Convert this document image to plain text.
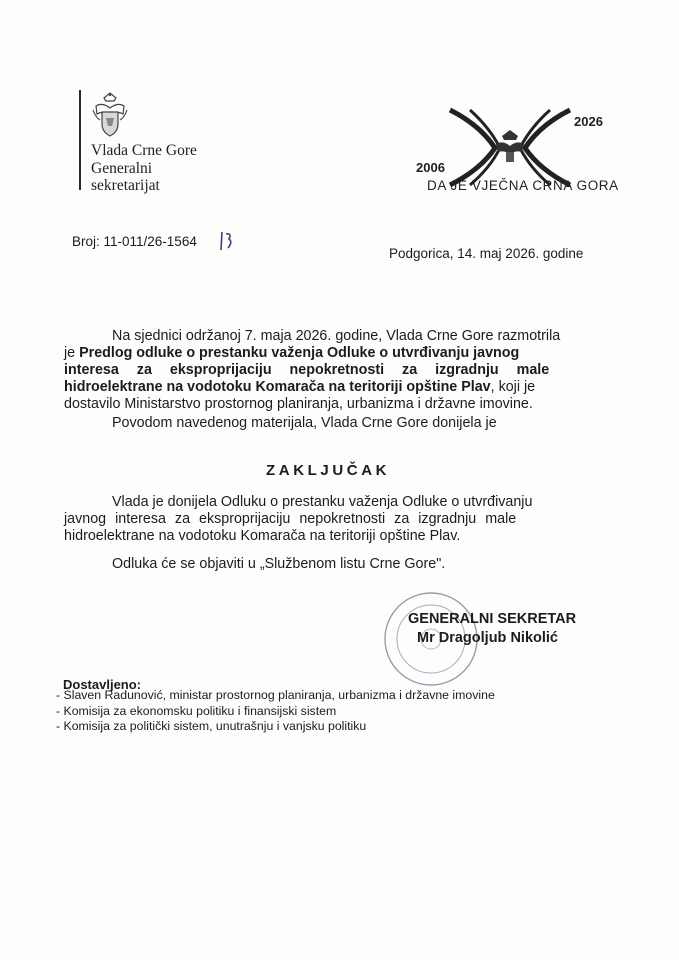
Vlada Crne Gore
Generalni
sekretarijat
2026
2006
DA JE VJEČNA CRNA GORA
Broj: 11-011/26-1564
Podgorica, 14. maj 2026. godine
Na sjednici održanoj 7. maja 2026. godine, Vlada Crne Gore razmotrila
je Predlog odluke o prestanku važenja Odluke o utvrđivanju javnog
interesa za eksproprijaciju nepokretnosti za izgradnju male
hidroelektrane na vodotoku Komarača na teritoriji opštine Plav, koji je
dostavilo Ministarstvo prostornog planiranja, urbanizma i državne imovine.
Povodom navedenog materijala, Vlada Crne Gore donijela je
ZAKLJUČAK
Vlada je donijela Odluku o prestanku važenja Odluke o utvrđivanju
javnog interesa za eksproprijaciju nepokretnosti za izgradnju male
hidroelektrane na vodotoku Komarača na teritoriji opštine Plav.
Odluka će se objaviti u „Službenom listu Crne Gore".
GENERALNI SEKRETAR
Mr Dragoljub Nikolić
Dostavljeno:
- Slaven Radunović, ministar prostornog planiranja, urbanizma i državne imovine
- Komisija za ekonomsku politiku i finansijski sistem
- Komisija za politički sistem, unutrašnju i vanjsku politiku
